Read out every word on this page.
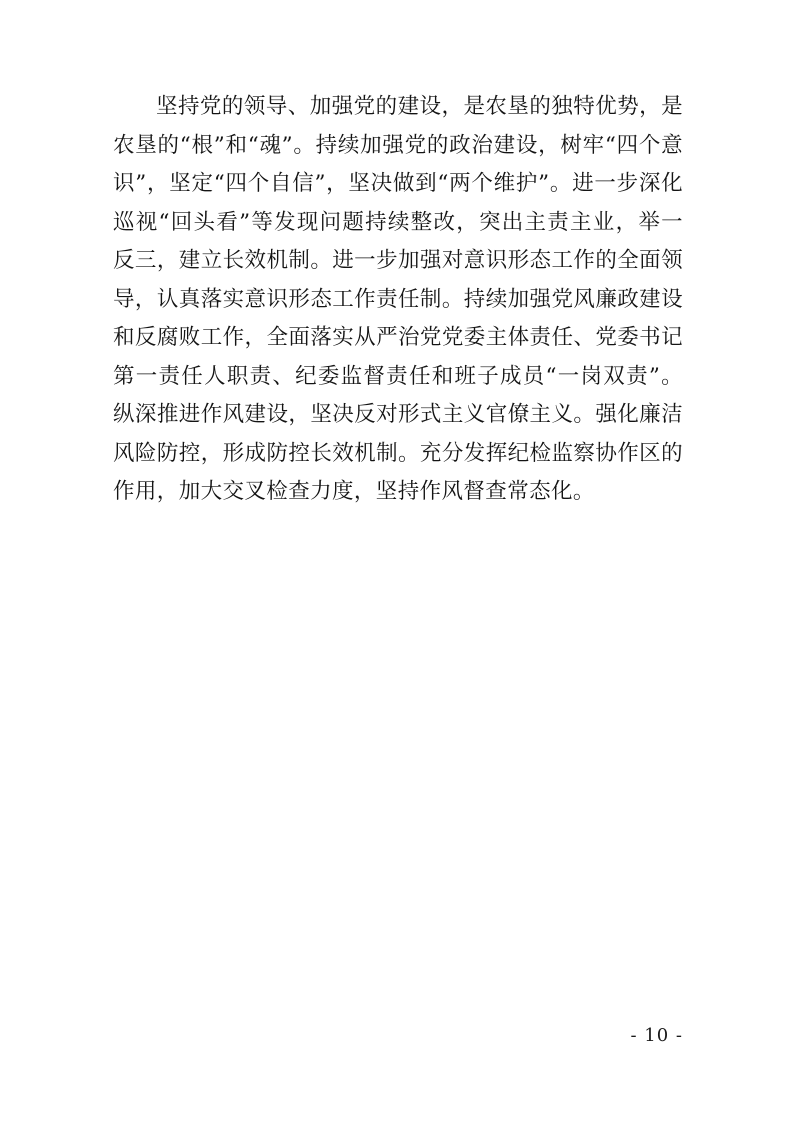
坚持党的领导、加强党的建设，是农垦的独特优势，是农垦的“根”和“魂”。持续加强党的政治建设，树牢“四个意识”，坚定“四个自信”，坚决做到“两个维护”。进一步深化巡视“回头看”等发现问题持续整改，突出主责主业，举一反三，建立长效机制。进一步加强对意识形态工作的全面领导，认真落实意识形态工作责任制。持续加强党风廉政建设和反腐败工作，全面落实从严治党党委主体责任、党委书记第一责任人职责、纪委监督责任和班子成员“一岗双责”。纵深推进作风建设，坚决反对形式主义官僚主义。强化廉洁风险防控，形成防控长效机制。充分发挥纪检监察协作区的作用，加大交叉检查力度，坚持作风督查常态化。

- 10 -
